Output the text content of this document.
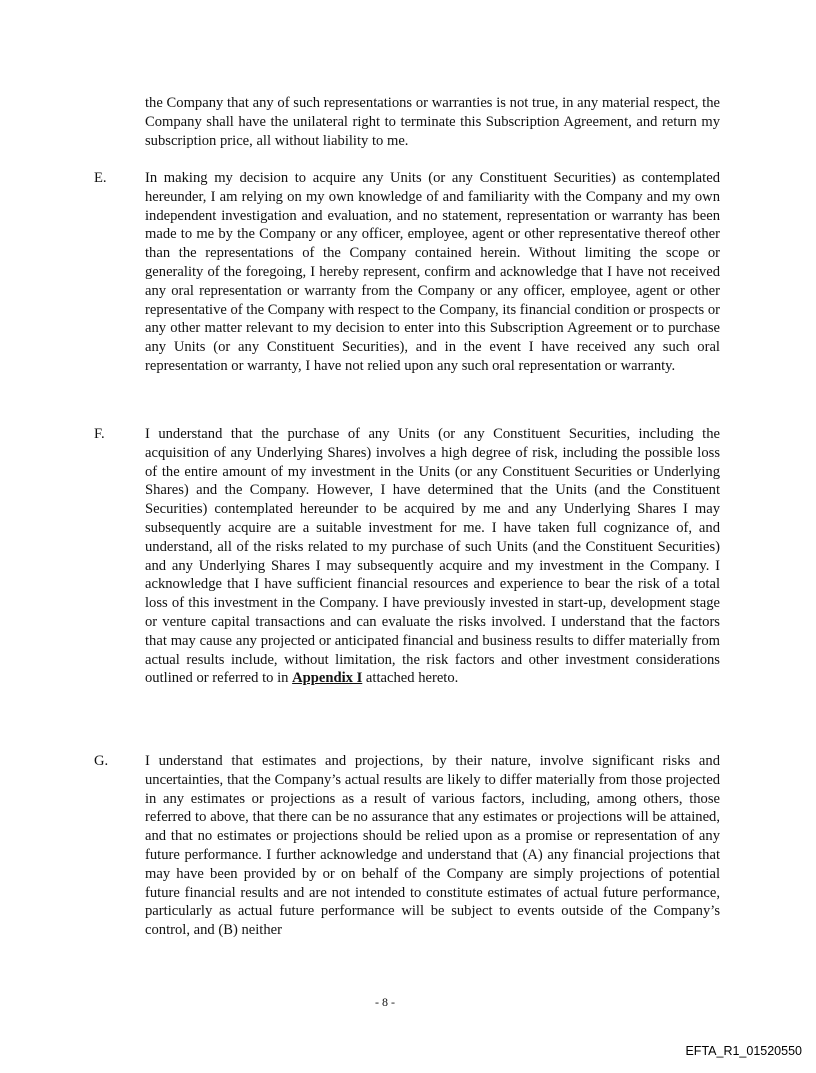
the Company that any of such representations or warranties is not true, in any material respect, the Company shall have the unilateral right to terminate this Subscription Agreement, and return my subscription price, all without liability to me.
E.	In making my decision to acquire any Units (or any Constituent Securities) as contemplated hereunder, I am relying on my own knowledge of and familiarity with the Company and my own independent investigation and evaluation, and no statement, representation or warranty has been made to me by the Company or any officer, employee, agent or other representative thereof other than the representations of the Company contained herein. Without limiting the scope or generality of the foregoing, I hereby represent, confirm and acknowledge that I have not received any oral representation or warranty from the Company or any officer, employee, agent or other representative of the Company with respect to the Company, its financial condition or prospects or any other matter relevant to my decision to enter into this Subscription Agreement or to purchase any Units (or any Constituent Securities), and in the event I have received any such oral representation or warranty, I have not relied upon any such oral representation or warranty.
F.	I understand that the purchase of any Units (or any Constituent Securities, including the acquisition of any Underlying Shares) involves a high degree of risk, including the possible loss of the entire amount of my investment in the Units (or any Constituent Securities or Underlying Shares) and the Company. However, I have determined that the Units (and the Constituent Securities) contemplated hereunder to be acquired by me and any Underlying Shares I may subsequently acquire are a suitable investment for me. I have taken full cognizance of, and understand, all of the risks related to my purchase of such Units (and the Constituent Securities) and any Underlying Shares I may subsequently acquire and my investment in the Company. I acknowledge that I have sufficient financial resources and experience to bear the risk of a total loss of this investment in the Company. I have previously invested in start-up, development stage or venture capital transactions and can evaluate the risks involved. I understand that the factors that may cause any projected or anticipated financial and business results to differ materially from actual results include, without limitation, the risk factors and other investment considerations outlined or referred to in Appendix I attached hereto.
G.	I understand that estimates and projections, by their nature, involve significant risks and uncertainties, that the Company’s actual results are likely to differ materially from those projected in any estimates or projections as a result of various factors, including, among others, those referred to above, that there can be no assurance that any estimates or projections will be attained, and that no estimates or projections should be relied upon as a promise or representation of any future performance. I further acknowledge and understand that (A) any financial projections that may have been provided by or on behalf of the Company are simply projections of potential future financial results and are not intended to constitute estimates of actual future performance, particularly as actual future performance will be subject to events outside of the Company’s control, and (B) neither
- 8 -
EFTA_R1_01520550
